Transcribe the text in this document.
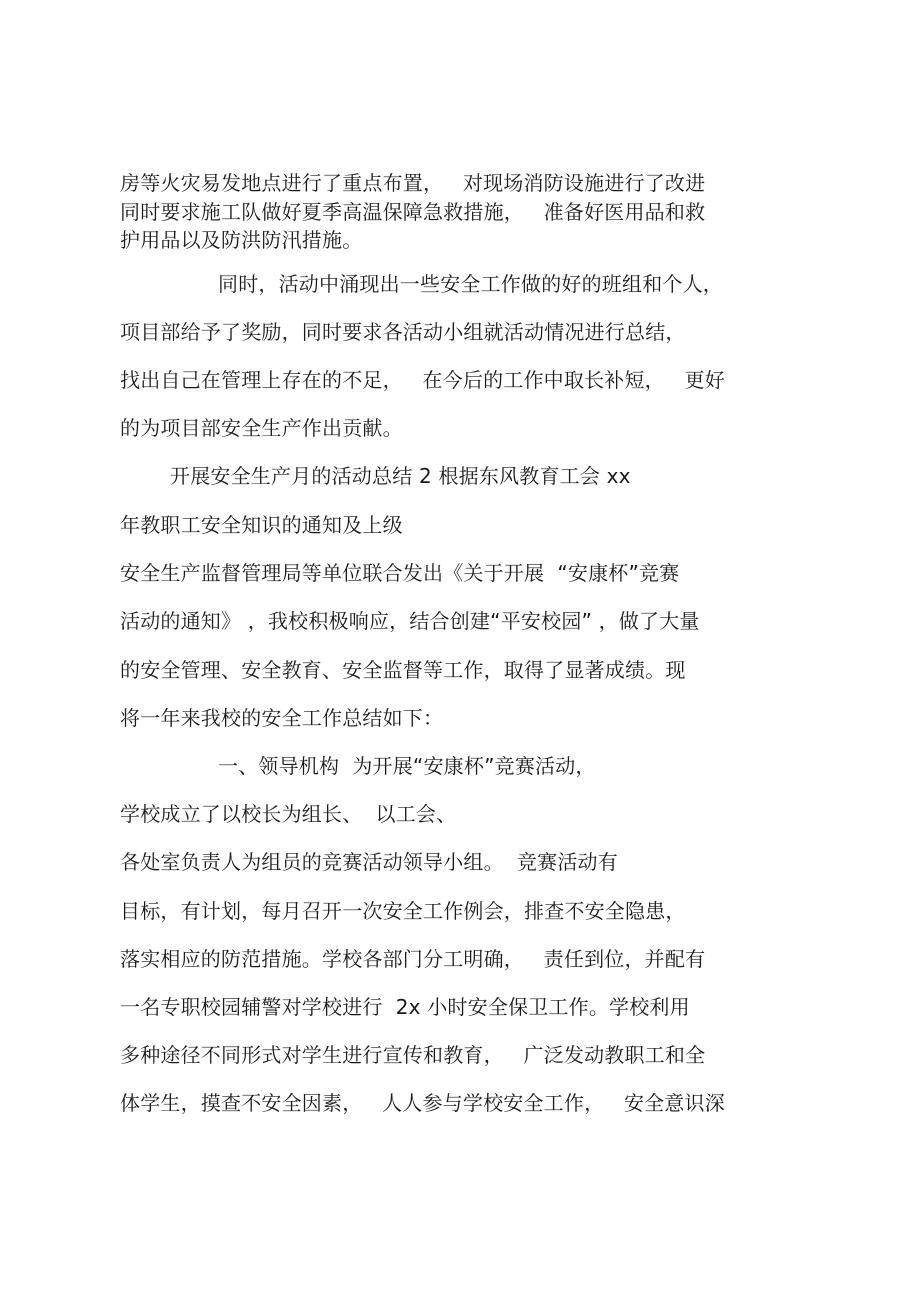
房等火灾易发地点进行了重点布置，   对现场消防设施进行了改进
同时要求施工队做好夏季高温保障急救措施，   准备好医用品和救
护用品以及防洪防汛措施。
同时，活动中涌现出一些安全工作做的好的班组和个人，
项目部给予了奖励，同时要求各活动小组就活动情况进行总结，
找出自己在管理上存在的不足，   在今后的工作中取长补短，   更好
的为项目部安全生产作出贡献。
开展安全生产月的活动总结 2 根据东风教育工会 xx
年教职工安全知识的通知及上级
安全生产监督管理局等单位联合发出《关于开展  “安康杯”竞赛
活动的通知》 ，我校积极响应，结合创建“平安校园” ，做了大量
的安全管理、安全教育、安全监督等工作，取得了显著成绩。现
将一年来我校的安全工作总结如下：
一、领导机构  为开展“安康杯”竞赛活动，
学校成立了以校长为组长、  以工会、
各处室负责人为组员的竞赛活动领导小组。  竞赛活动有
目标，有计划，每月召开一次安全工作例会，排查不安全隐患，
落实相应的防范措施。学校各部门分工明确，   责任到位，并配有
一名专职校园辅警对学校进行  2x 小时安全保卫工作。学校利用
多种途径不同形式对学生进行宣传和教育，   广泛发动教职工和全
体学生，摸查不安全因素，   人人参与学校安全工作，   安全意识深
